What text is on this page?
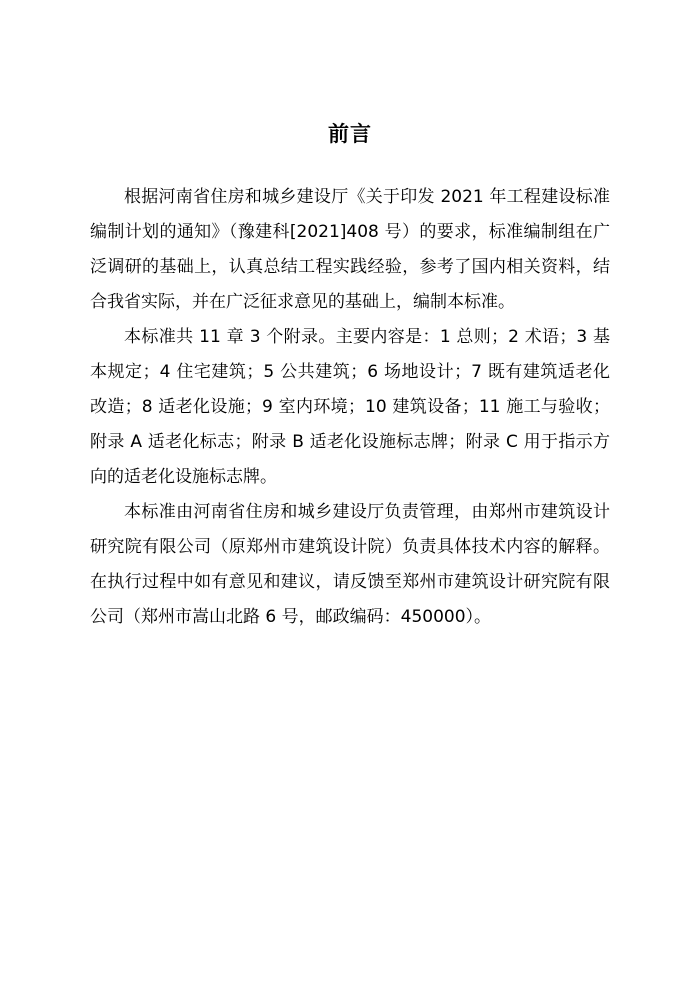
前言

根据河南省住房和城乡建设厅《关于印发 2021 年工程建设标准编制计划的通知》（豫建科[2021]408 号）的要求，标准编制组在广泛调研的基础上，认真总结工程实践经验，参考了国内相关资料，结合我省实际，并在广泛征求意见的基础上，编制本标准。

本标准共 11 章 3 个附录。主要内容是：1 总则；2 术语；3 基本规定；4 住宅建筑；5 公共建筑；6 场地设计；7 既有建筑适老化改造；8 适老化设施；9 室内环境；10 建筑设备；11 施工与验收；附录 A 适老化标志；附录 B 适老化设施标志牌；附录 C 用于指示方向的适老化设施标志牌。

本标准由河南省住房和城乡建设厅负责管理，由郑州市建筑设计研究院有限公司（原郑州市建筑设计院）负责具体技术内容的解释。在执行过程中如有意见和建议，请反馈至郑州市建筑设计研究院有限公司（郑州市嵩山北路 6 号，邮政编码：450000）。
